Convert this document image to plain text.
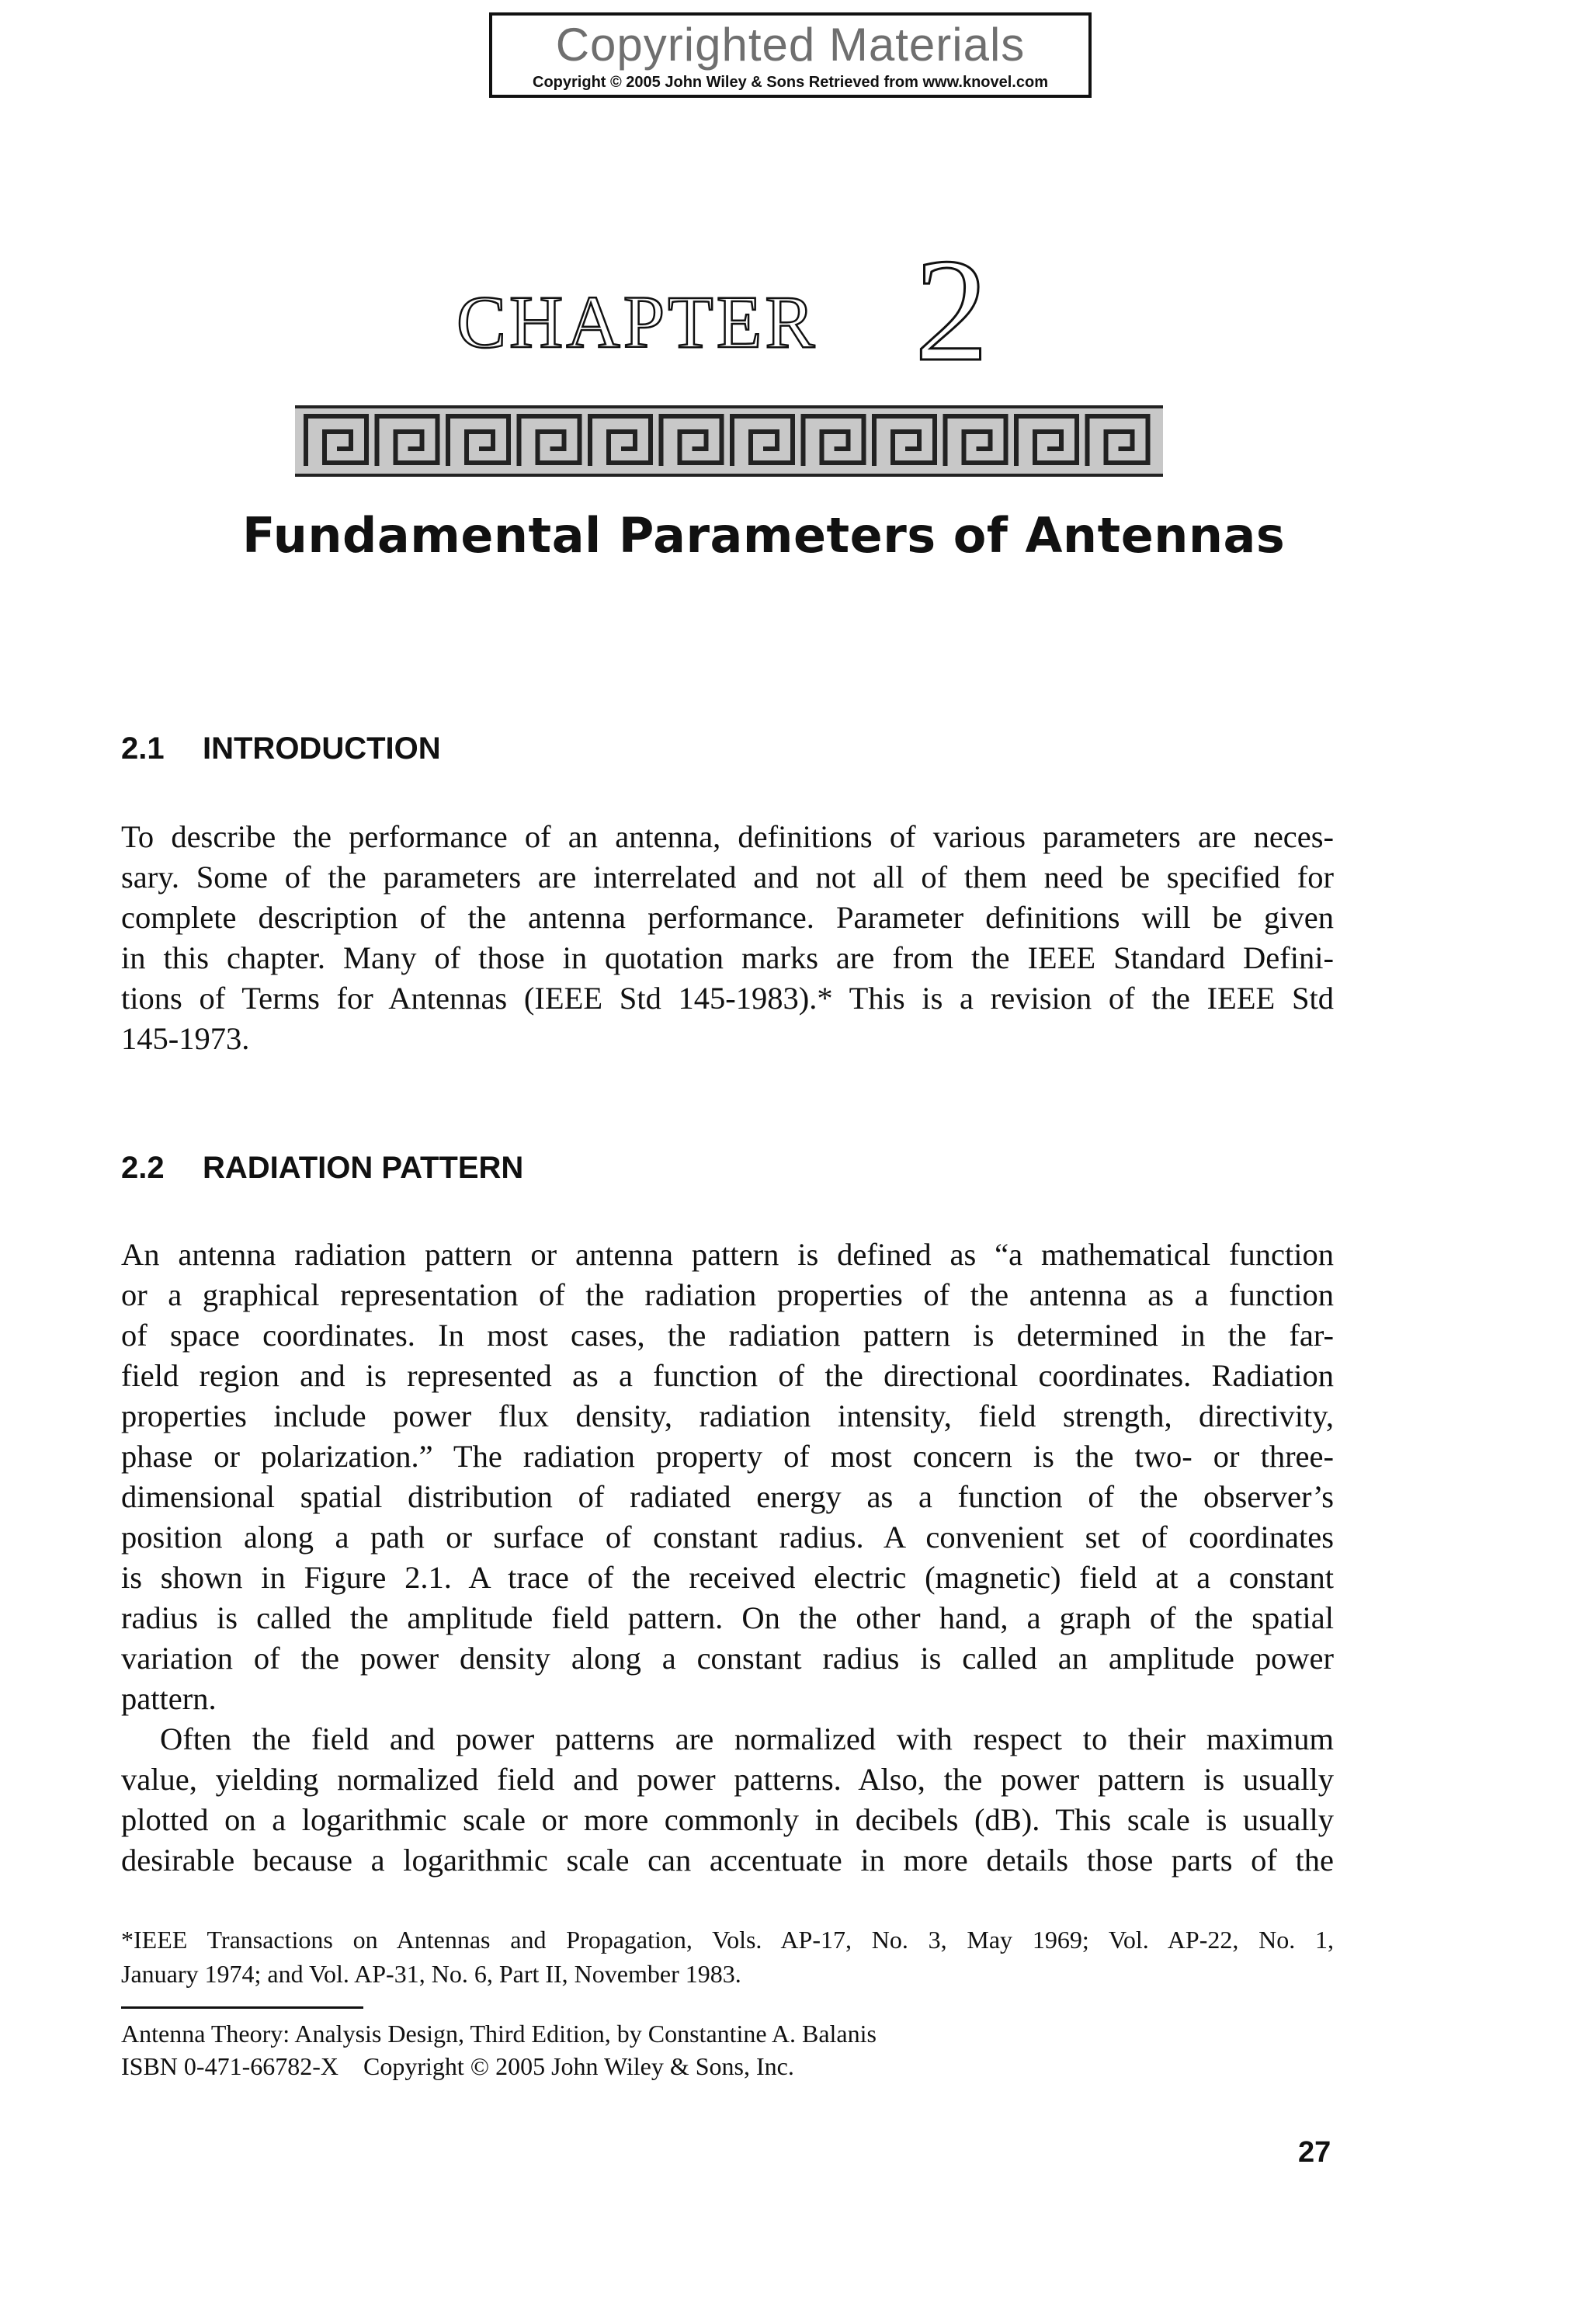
Copyrighted Materials
Copyright © 2005 John Wiley & Sons Retrieved from www.knovel.com
CHAPTER 2
Fundamental Parameters of Antennas
2.1 INTRODUCTION

To describe the performance of an antenna, definitions of various parameters are neces-
sary. Some of the parameters are interrelated and not all of them need be specified for
complete description of the antenna performance. Parameter definitions will be given
in this chapter. Many of those in quotation marks are from the IEEE Standard Defini-
tions of Terms for Antennas (IEEE Std 145-1983).* This is a revision of the IEEE Std
145-1973.

2.2 RADIATION PATTERN

An antenna radiation pattern or antenna pattern is defined as “a mathematical function
or a graphical representation of the radiation properties of the antenna as a function
of space coordinates. In most cases, the radiation pattern is determined in the far-
field region and is represented as a function of the directional coordinates. Radiation
properties include power flux density, radiation intensity, field strength, directivity,
phase or polarization.” The radiation property of most concern is the two- or three-
dimensional spatial distribution of radiated energy as a function of the observer’s
position along a path or surface of constant radius. A convenient set of coordinates
is shown in Figure 2.1. A trace of the received electric (magnetic) field at a constant
radius is called the amplitude field pattern. On the other hand, a graph of the spatial
variation of the power density along a constant radius is called an amplitude power
pattern.
Often the field and power patterns are normalized with respect to their maximum
value, yielding normalized field and power patterns. Also, the power pattern is usually
plotted on a logarithmic scale or more commonly in decibels (dB). This scale is usually
desirable because a logarithmic scale can accentuate in more details those parts of the

*IEEE Transactions on Antennas and Propagation, Vols. AP-17, No. 3, May 1969; Vol. AP-22, No. 1,
January 1974; and Vol. AP-31, No. 6, Part II, November 1983.

Antenna Theory: Analysis Design, Third Edition, by Constantine A. Balanis
ISBN 0-471-66782-X    Copyright © 2005 John Wiley & Sons, Inc.

27
